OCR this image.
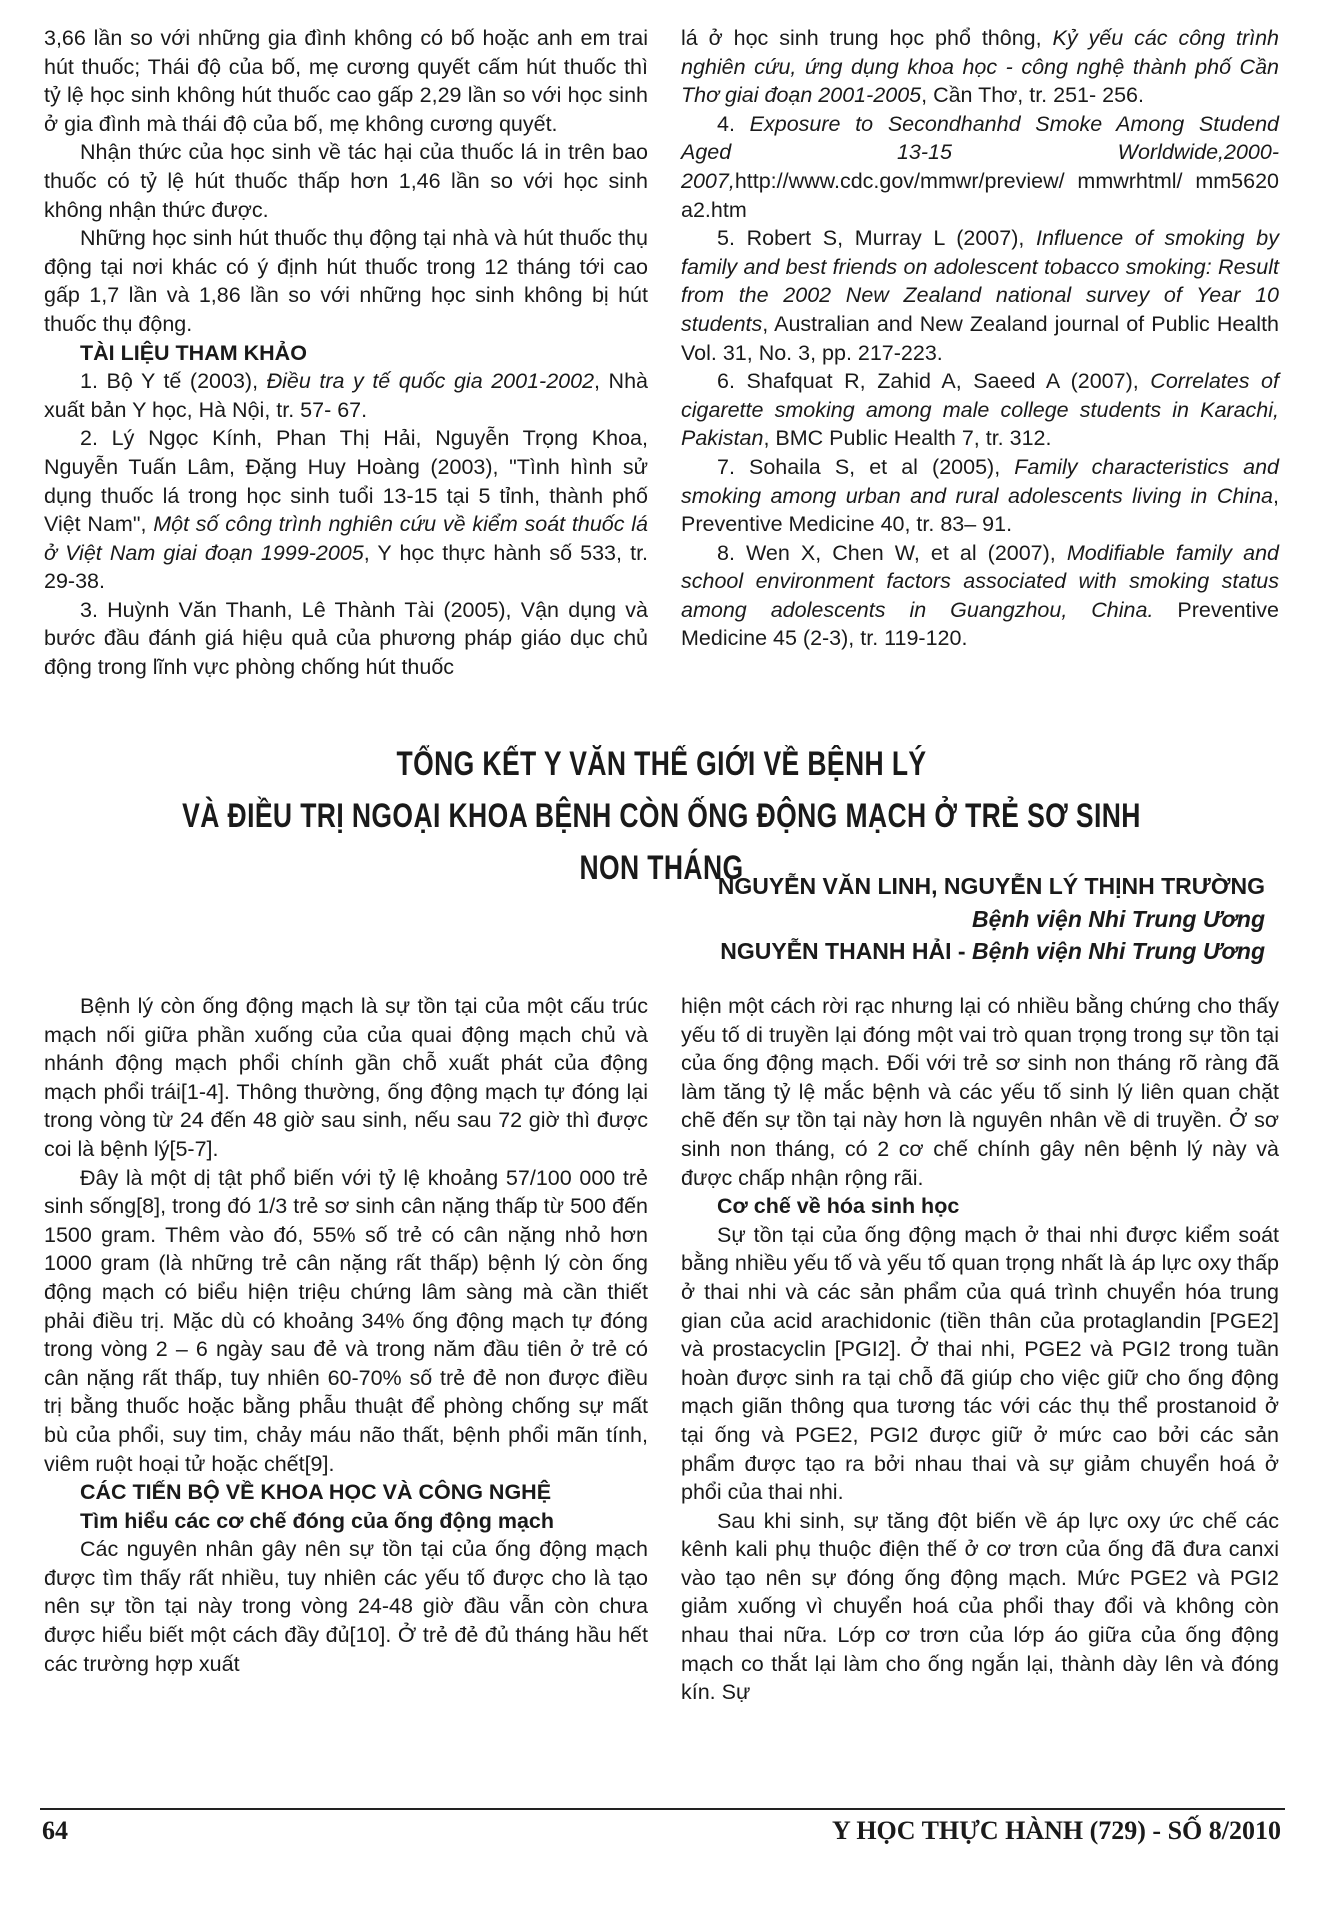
3,66 lần so với những gia đình không có bố hoặc anh em trai hút thuốc; Thái độ của bố, mẹ cương quyết cấm hút thuốc thì tỷ lệ học sinh không hút thuốc cao gấp 2,29 lần so với học sinh ở gia đình mà thái độ của bố, mẹ không cương quyết.

Nhận thức của học sinh về tác hại của thuốc lá in trên bao thuốc có tỷ lệ hút thuốc thấp hơn 1,46 lần so với học sinh không nhận thức được.

Những học sinh hút thuốc thụ động tại nhà và hút thuốc thụ động tại nơi khác có ý định hút thuốc trong 12 tháng tới cao gấp 1,7 lần và 1,86 lần so với những học sinh không bị hút thuốc thụ động.

TÀI LIỆU THAM KHẢO

1. Bộ Y tế (2003), Điều tra y tế quốc gia 2001-2002, Nhà xuất bản Y học, Hà Nội, tr. 57- 67.

2. Lý Ngọc Kính, Phan Thị Hải, Nguyễn Trọng Khoa, Nguyễn Tuấn Lâm, Đặng Huy Hoàng (2003), "Tình hình sử dụng thuốc lá trong học sinh tuổi 13-15 tại 5 tỉnh, thành phố Việt Nam", Một số công trình nghiên cứu về kiểm soát thuốc lá ở Việt Nam giai đoạn 1999-2005, Y học thực hành số 533, tr. 29-38.

3. Huỳnh Văn Thanh, Lê Thành Tài (2005), Vận dụng và bước đầu đánh giá hiệu quả của phương pháp giáo dục chủ động trong lĩnh vực phòng chống hút thuốc

lá ở học sinh trung học phổ thông, Kỷ yếu các công trình nghiên cứu, ứng dụng khoa học - công nghệ thành phố Cần Thơ giai đoạn 2001-2005, Cần Thơ, tr. 251- 256.

4. Exposure to Secondhanhd Smoke Among Studend Aged 13-15 Worldwide,2000-2007,http://www.cdc.gov/mmwr/preview/ mmwrhtml/ mm5620 a2.htm

5. Robert S, Murray L (2007), Influence of smoking by family and best friends on adolescent tobacco smoking: Result from the 2002 New Zealand national survey of Year 10 students, Australian and New Zealand journal of Public Health Vol. 31, No. 3, pp. 217-223.

6. Shafquat R, Zahid A, Saeed A (2007), Correlates of cigarette smoking among male college students in Karachi, Pakistan, BMC Public Health 7, tr. 312.

7. Sohaila S, et al (2005), Family characteristics and smoking among urban and rural adolescents living in China, Preventive Medicine 40, tr. 83– 91.

8. Wen X, Chen W, et al (2007), Modifiable family and school environment factors associated with smoking status among adolescents in Guangzhou, China. Preventive Medicine 45 (2-3), tr. 119-120.

TỔNG KẾT Y VĂN THẾ GIỚI VỀ BỆNH LÝ
VÀ ĐIỀU TRỊ NGOẠI KHOA BỆNH CÒN ỐNG ĐỘNG MẠCH Ở TRẺ SƠ SINH NON THÁNG
NGUYỄN VĂN LINH, NGUYỄN LÝ THỊNH TRƯỜNG
Bệnh viện Nhi Trung Ương
NGUYỄN THANH HẢI - Bệnh viện Nhi Trung Ương

Bệnh lý còn ống động mạch là sự tồn tại của một cấu trúc mạch nối giữa phần xuống của của quai động mạch chủ và nhánh động mạch phổi chính gần chỗ xuất phát của động mạch phổi trái[1-4]. Thông thường, ống động mạch tự đóng lại trong vòng từ 24 đến 48 giờ sau sinh, nếu sau 72 giờ thì được coi là bệnh lý[5-7].

Đây là một dị tật phổ biến với tỷ lệ khoảng 57/100 000 trẻ sinh sống[8], trong đó 1/3 trẻ sơ sinh cân nặng thấp từ 500 đến 1500 gram. Thêm vào đó, 55% số trẻ có cân nặng nhỏ hơn 1000 gram (là những trẻ cân nặng rất thấp) bệnh lý còn ống động mạch có biểu hiện triệu chứng lâm sàng mà cần thiết phải điều trị. Mặc dù có khoảng 34% ống động mạch tự đóng trong vòng 2 – 6 ngày sau đẻ và trong năm đầu tiên ở trẻ có cân nặng rất thấp, tuy nhiên 60-70% số trẻ đẻ non được điều trị bằng thuốc hoặc bằng phẫu thuật để phòng chống sự mất bù của phổi, suy tim, chảy máu não thất, bệnh phổi mãn tính, viêm ruột hoại tử hoặc chết[9].

CÁC TIẾN BỘ VỀ KHOA HỌC VÀ CÔNG NGHỆ

Tìm hiểu các cơ chế đóng của ống động mạch

Các nguyên nhân gây nên sự tồn tại của ống động mạch được tìm thấy rất nhiều, tuy nhiên các yếu tố được cho là tạo nên sự tồn tại này trong vòng 24-48 giờ đầu vẫn còn chưa được hiểu biết một cách đầy đủ[10]. Ở trẻ đẻ đủ tháng hầu hết các trường hợp xuất

hiện một cách rời rạc nhưng lại có nhiều bằng chứng cho thấy yếu tố di truyền lại đóng một vai trò quan trọng trong sự tồn tại của ống động mạch. Đối với trẻ sơ sinh non tháng rõ ràng đã làm tăng tỷ lệ mắc bệnh và các yếu tố sinh lý liên quan chặt chẽ đến sự tồn tại này hơn là nguyên nhân về di truyền. Ở sơ sinh non tháng, có 2 cơ chế chính gây nên bệnh lý này và được chấp nhận rộng rãi.

Cơ chế về hóa sinh học

Sự tồn tại của ống động mạch ở thai nhi được kiểm soát bằng nhiều yếu tố và yếu tố quan trọng nhất là áp lực oxy thấp ở thai nhi và các sản phẩm của quá trình chuyển hóa trung gian của acid arachidonic (tiền thân của protaglandin [PGE2] và prostacyclin [PGI2]. Ở thai nhi, PGE2 và PGI2 trong tuần hoàn được sinh ra tại chỗ đã giúp cho việc giữ cho ống động mạch giãn thông qua tương tác với các thụ thể prostanoid ở tại ống và PGE2, PGI2 được giữ ở mức cao bởi các sản phẩm được tạo ra bởi nhau thai và sự giảm chuyển hoá ở phổi của thai nhi.

Sau khi sinh, sự tăng đột biến về áp lực oxy ức chế các kênh kali phụ thuộc điện thế ở cơ trơn của ống đã đưa canxi vào tạo nên sự đóng ống động mạch. Mức PGE2 và PGI2 giảm xuống vì chuyển hoá của phổi thay đổi và không còn nhau thai nữa. Lớp cơ trơn của lớp áo giữa của ống động mạch co thắt lại làm cho ống ngắn lại, thành dày lên và đóng kín. Sự

64	Y HỌC THỰC HÀNH (729) - SỐ 8/2010
